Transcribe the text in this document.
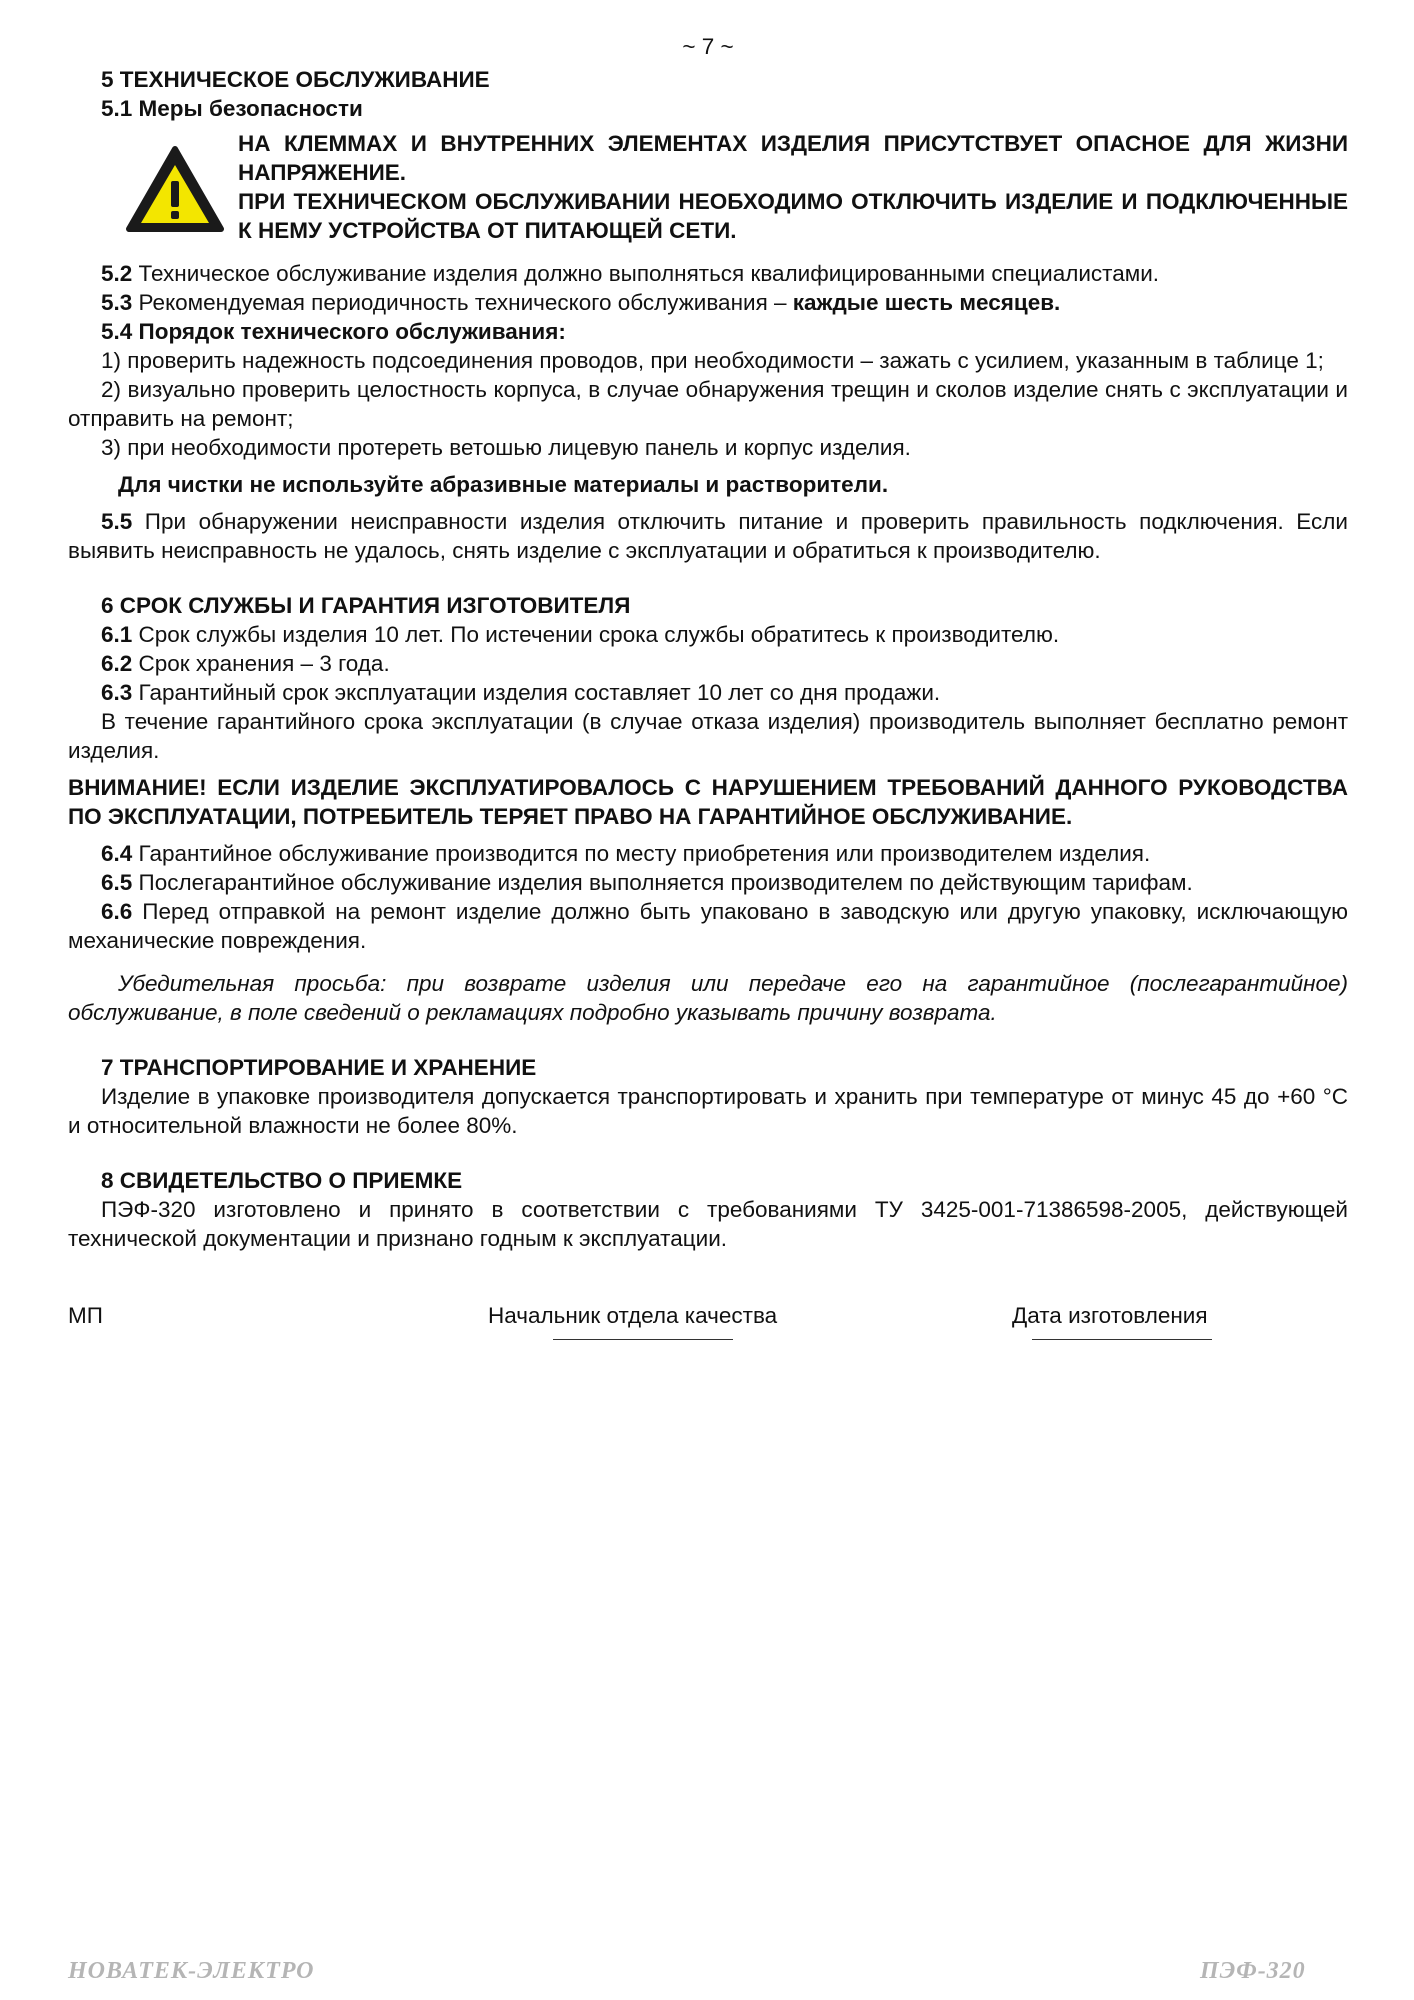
~ 7 ~
5 ТЕХНИЧЕСКОЕ ОБСЛУЖИВАНИЕ
5.1 Меры безопасности
НА КЛЕММАХ И ВНУТРЕННИХ ЭЛЕМЕНТАХ ИЗДЕЛИЯ ПРИСУТСТВУЕТ ОПАСНОЕ ДЛЯ ЖИЗНИ НАПРЯЖЕНИЕ.
ПРИ ТЕХНИЧЕСКОМ ОБСЛУЖИВАНИИ НЕОБХОДИМО ОТКЛЮЧИТЬ ИЗДЕЛИЕ И ПОДКЛЮЧЕННЫЕ К НЕМУ УСТРОЙСТВА ОТ ПИТАЮЩЕЙ СЕТИ.
5.2 Техническое обслуживание изделия должно выполняться квалифицированными специалистами.
5.3 Рекомендуемая периодичность технического обслуживания – каждые шесть месяцев.
5.4 Порядок технического обслуживания:
1) проверить надежность подсоединения проводов, при необходимости – зажать с усилием, указанным в таблице 1;
2) визуально проверить целостность корпуса, в случае обнаружения трещин и сколов изделие снять с эксплуатации и отправить на ремонт;
3) при необходимости протереть ветошью лицевую панель и корпус изделия.
Для чистки не используйте абразивные материалы и растворители.
5.5 При обнаружении неисправности изделия отключить питание и проверить правильность подключения. Если выявить неисправность не удалось, снять изделие с эксплуатации и обратиться к производителю.
6 СРОК СЛУЖБЫ И ГАРАНТИЯ ИЗГОТОВИТЕЛЯ
6.1 Срок службы изделия 10 лет. По истечении срока службы обратитесь к производителю.
6.2 Срок хранения – 3 года.
6.3 Гарантийный срок эксплуатации изделия составляет 10 лет со дня продажи.
В течение гарантийного срока эксплуатации (в случае отказа изделия) производитель выполняет бесплатно ремонт изделия.
ВНИМАНИЕ! ЕСЛИ ИЗДЕЛИЕ ЭКСПЛУАТИРОВАЛОСЬ С НАРУШЕНИЕМ ТРЕБОВАНИЙ ДАННОГО РУКОВОДСТВА ПО ЭКСПЛУАТАЦИИ, ПОТРЕБИТЕЛЬ ТЕРЯЕТ ПРАВО НА ГАРАНТИЙНОЕ ОБСЛУЖИВАНИЕ.
6.4 Гарантийное обслуживание производится по месту приобретения или производителем изделия.
6.5 Послегарантийное обслуживание изделия выполняется производителем по действующим тарифам.
6.6 Перед отправкой на ремонт изделие должно быть упаковано в заводскую или другую упаковку, исключающую механические повреждения.
Убедительная просьба: при возврате изделия или передаче его на гарантийное (послегарантийное) обслуживание, в поле сведений о рекламациях подробно указывать причину возврата.
7 ТРАНСПОРТИРОВАНИЕ И ХРАНЕНИЕ
Изделие в упаковке производителя допускается транспортировать и хранить при температуре от минус 45 до +60 °С и относительной влажности не более 80%.
8 СВИДЕТЕЛЬСТВО О ПРИЕМКЕ
ПЭФ-320 изготовлено и принято в соответствии с требованиями ТУ 3425-001-71386598-2005, действующей технической документации и признано годным к эксплуатации.
МП	Начальник отдела качества	Дата изготовления
НОВАТЕК-ЭЛЕКТРО	ПЭФ-320
